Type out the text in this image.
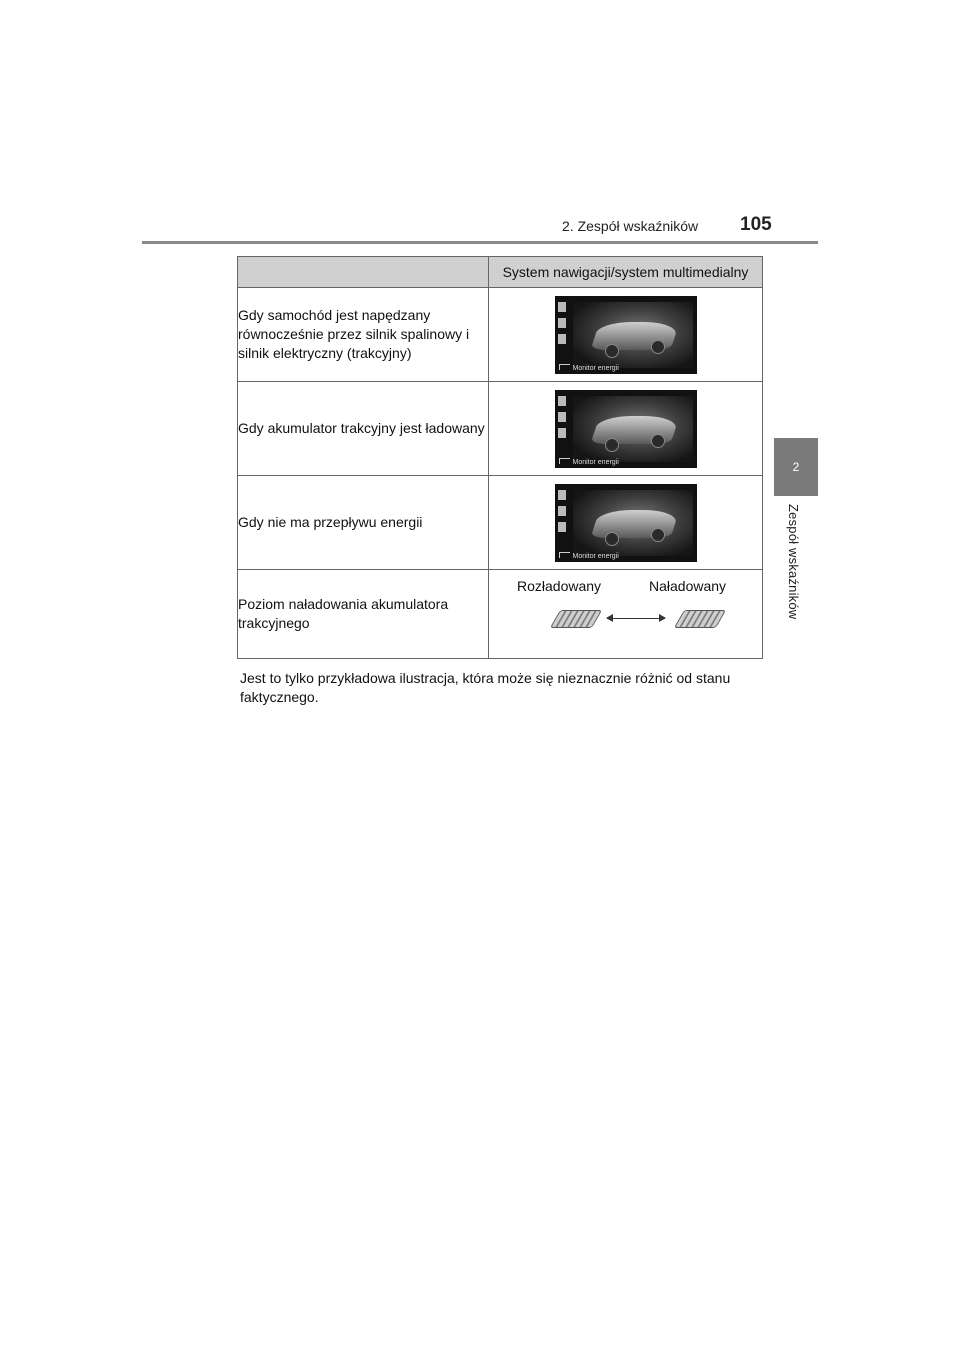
2. Zespół wskaźników 105
2
Zespół wskaźników
	System nawigacji/system multimedialny
Gdy samochód jest napędzany równocześnie przez silnik spalinowy i silnik elektryczny (trakcyjny)	Monitor energii

Gdy akumulator trakcyjny jest ładowany	Monitor energii

Gdy nie ma przepływu energii	Monitor energii

Poziom naładowania akumulatora trakcyjnego	Rozładowany Naładowany
Jest to tylko przykładowa ilustracja, która może się nieznacznie różnić od stanu faktycznego.
